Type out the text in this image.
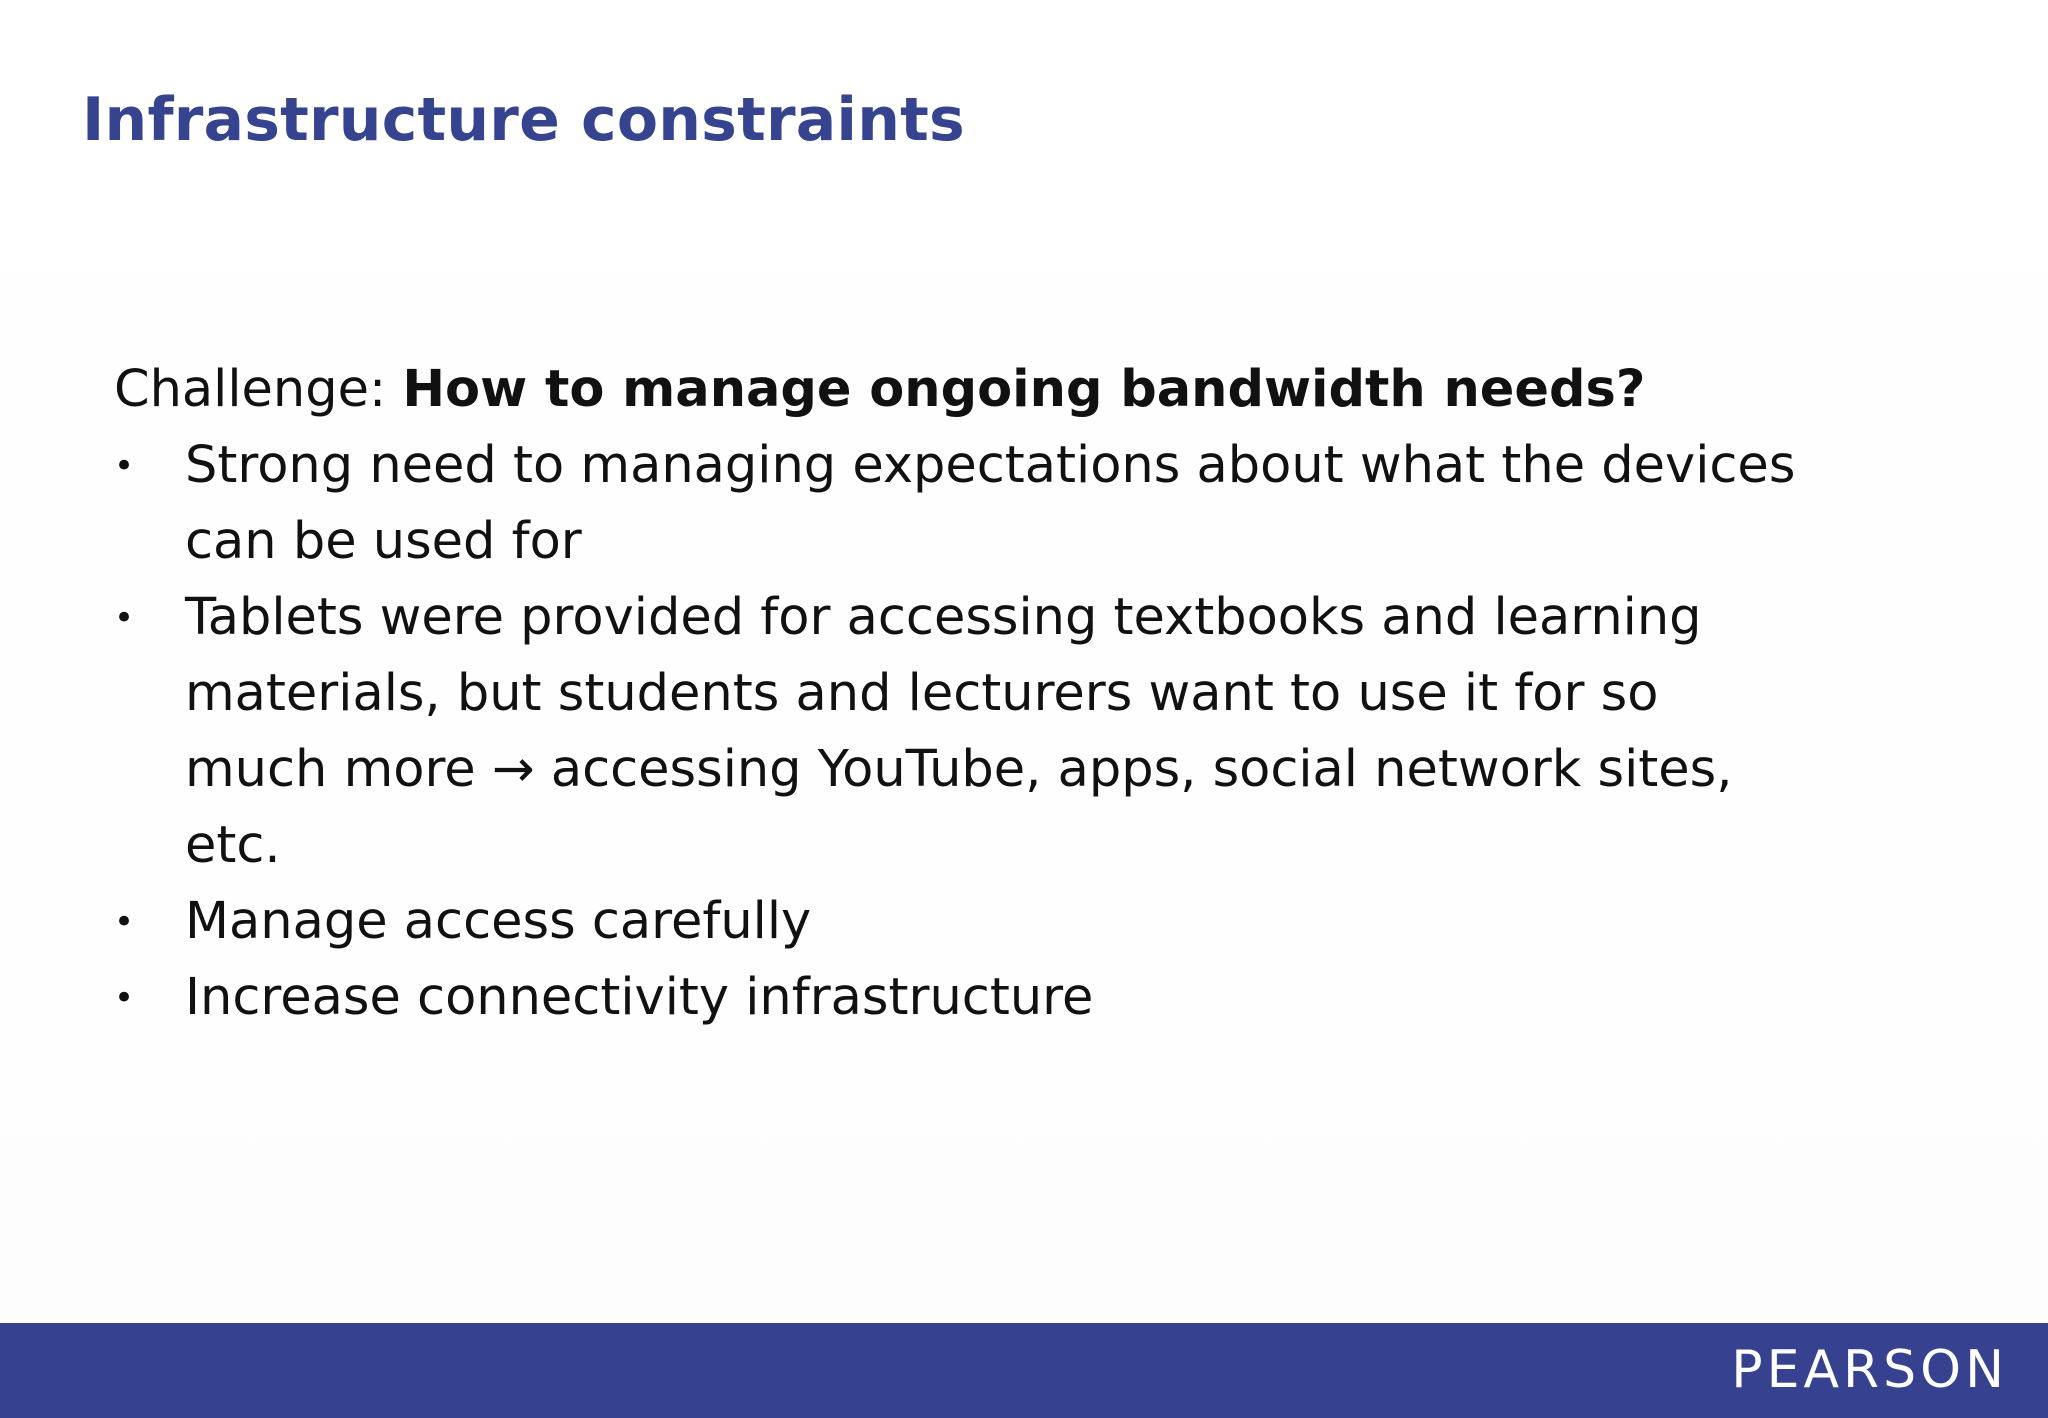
Infrastructure constraints

Challenge: How to manage ongoing bandwidth needs?

• Strong need to managing expectations about what the devices
can be used for
• Tablets were provided for accessing textbooks and learning
materials, but students and lecturers want to use it for so
much more → accessing YouTube, apps, social network sites,
etc.
• Manage access carefully
• Increase connectivity infrastructure
PEARSON
